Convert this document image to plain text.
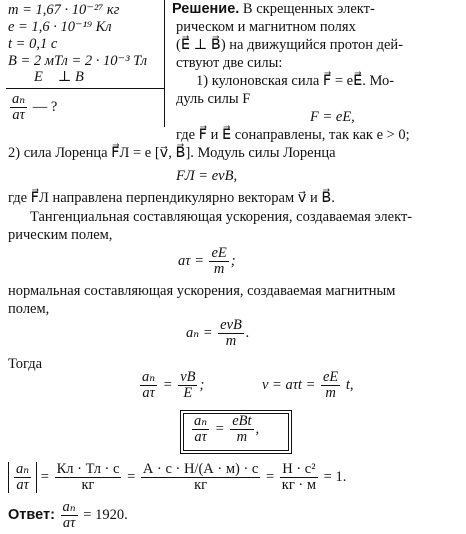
m = 1,67 · 10⁻²⁷ кг
e = 1,6 · 10⁻¹⁹ Кл
t = 0,1 с
B = 2 мТл = 2 · 10⁻³ Тл
E⃗ ⊥ B⃗
$\frac{\text{aₙ}}{a\tau}$ — ?
Решение. В скрещенных элект-
рическом и магнитном полях
(E⃗ ⊥ B⃗) на движущийся протон дей-
ствуют две силы:
1) кулоновская сила F⃗ = eE⃗. Мо-
дуль силы F
F = eE,
где F⃗ и E⃗ сонаправлены, так как e > 0;
2) сила Лоренца F⃗Л = e [v⃗, B⃗]. Модуль силы Лоренца
FЛ = evB,
где F⃗Л направлена перпендикулярно векторам v⃗ и B⃗.
Тангенциальная составляющая ускорения, создаваемая элект-
рическим полем,
$a\tau = \frac{eE}{m}$ ;
нормальная составляющая ускорения, создаваемая магнитным
полем,
$a_n = \frac{\text{evB}}{m}$ .
Тогда
$\frac{\text{aₙ}}{a\tau} = \frac{vB}{E}$ ;	$v = a\tau t = \frac{eE}{m} t$,
$\frac{\text{aₙ}}{a\tau} = \frac{\text{eBt}}{m}$ ,
$\frac{\text{aₙ}}{a\tau} = \frac{Кл \cdot Тл \cdot с}{кг} = \frac{А \cdot с \cdot Н/(А \cdot м) \cdot с}{кг} = \frac{\text{Н · с²}}{кг \cdot м} = 1$.
Ответ: $\frac{\text{aₙ}}{a\tau} = 1920$.
